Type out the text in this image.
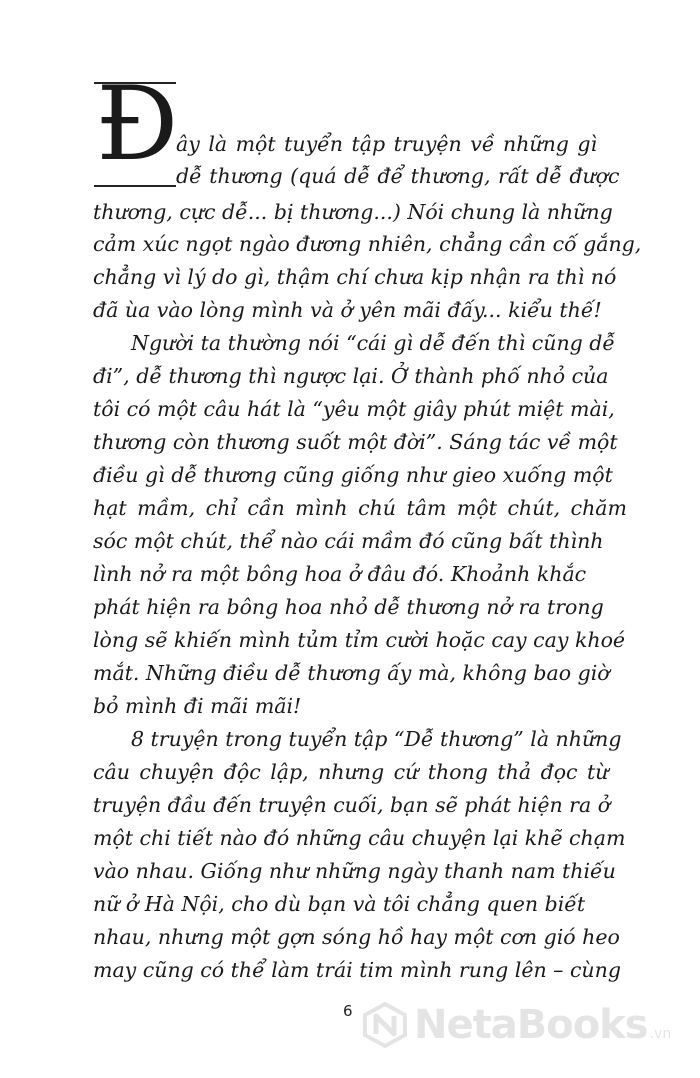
Đ
ây là một tuyển tập truyện về những gì
dễ thương (quá dễ để thương, rất dễ được
thương, cực dễ... bị thương...) Nói chung là những
cảm xúc ngọt ngào đương nhiên, chẳng cần cố gắng,
chẳng vì lý do gì, thậm chí chưa kịp nhận ra thì nó
đã ùa vào lòng mình và ở yên mãi đấy... kiểu thế!
Người ta thường nói “cái gì dễ đến thì cũng dễ
đi”, dễ thương thì ngược lại. Ở thành phố nhỏ của
tôi có một câu hát là “yêu một giây phút miệt mài,
thương còn thương suốt một đời”. Sáng tác về một
điều gì dễ thương cũng giống như gieo xuống một
hạt mầm, chỉ cần mình chú tâm một chút, chăm
sóc một chút, thể nào cái mầm đó cũng bất thình
lình nở ra một bông hoa ở đâu đó. Khoảnh khắc
phát hiện ra bông hoa nhỏ dễ thương nở ra trong
lòng sẽ khiến mình tủm tỉm cười hoặc cay cay khoé
mắt. Những điều dễ thương ấy mà, không bao giờ
bỏ mình đi mãi mãi!
8 truyện trong tuyển tập “Dễ thương” là những
câu chuyện độc lập, nhưng cứ thong thả đọc từ
truyện đầu đến truyện cuối, bạn sẽ phát hiện ra ở
một chi tiết nào đó những câu chuyện lại khẽ chạm
vào nhau. Giống như những ngày thanh nam thiếu
nữ ở Hà Nội, cho dù bạn và tôi chẳng quen biết
nhau, nhưng một gợn sóng hồ hay một cơn gió heo
may cũng có thể làm trái tim mình rung lên – cùng
6 NetaBooks .vn
